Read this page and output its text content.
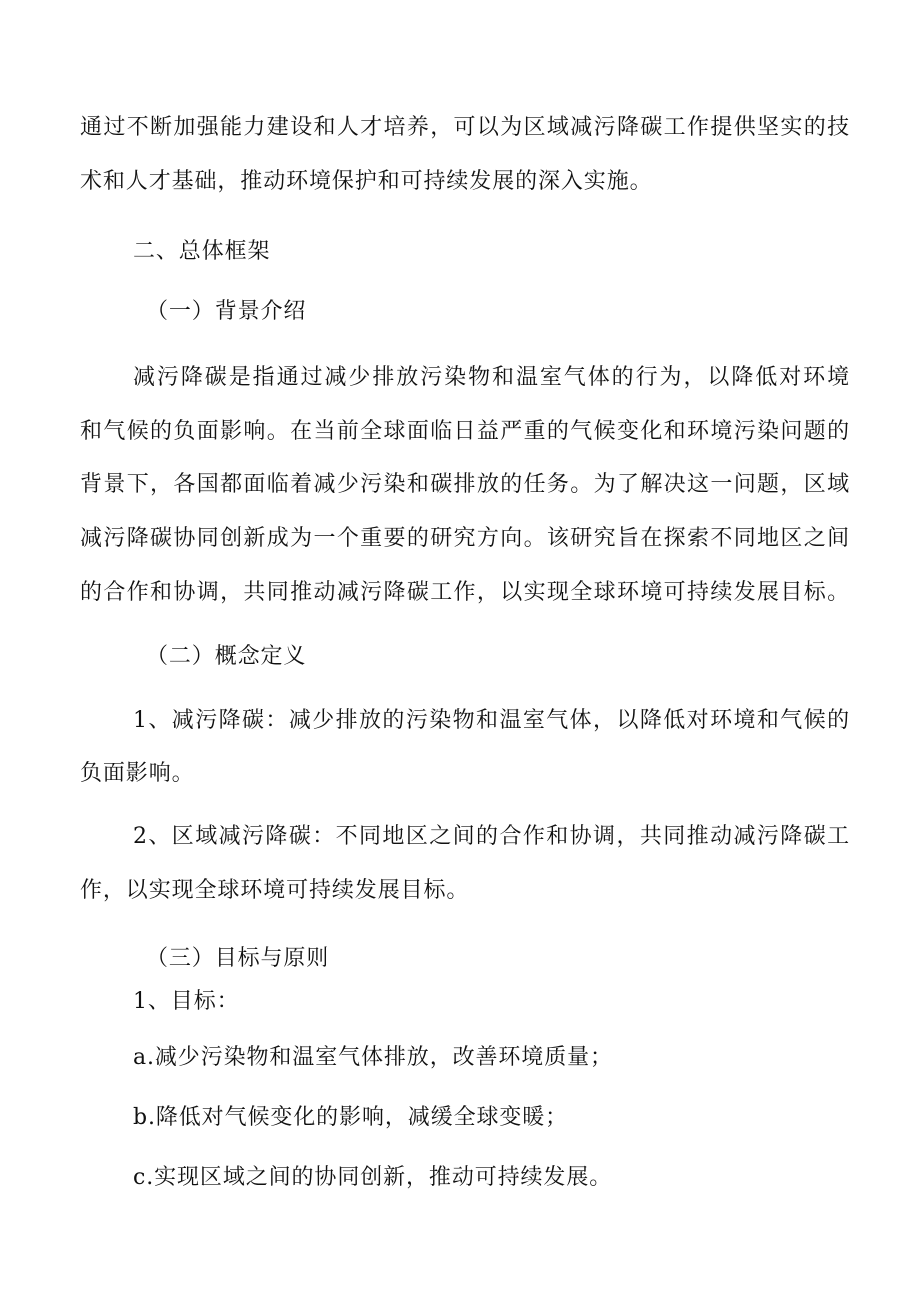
通过不断加强能力建设和人才培养，可以为区域减污降碳工作提供坚实的技
术和人才基础，推动环境保护和可持续发展的深入实施。
二、总体框架
（一）背景介绍
减污降碳是指通过减少排放污染物和温室气体的行为，以降低对环境
和气候的负面影响。在当前全球面临日益严重的气候变化和环境污染问题的
背景下，各国都面临着减少污染和碳排放的任务。为了解决这一问题，区域
减污降碳协同创新成为一个重要的研究方向。该研究旨在探索不同地区之间
的合作和协调，共同推动减污降碳工作，以实现全球环境可持续发展目标。
（二）概念定义
1、减污降碳：减少排放的污染物和温室气体，以降低对环境和气候的
负面影响。
2、区域减污降碳：不同地区之间的合作和协调，共同推动减污降碳工
作，以实现全球环境可持续发展目标。
（三）目标与原则
1、目标：
a.减少污染物和温室气体排放，改善环境质量；
b.降低对气候变化的影响，减缓全球变暖；
c.实现区域之间的协同创新，推动可持续发展。
